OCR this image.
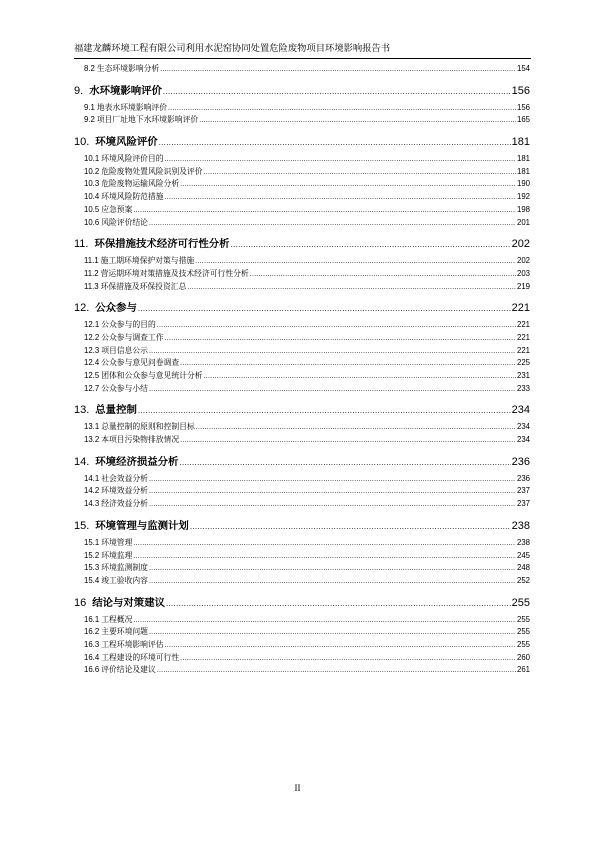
福建龙麟环境工程有限公司利用水泥窑协同处置危险废物项目环境影响报告书
8.2 生态环境影响分析 .....	154
9. 水环境影响评价 .....	156
9.1 地表水环境影响评价 .....	156
9.2 项目厂址地下水环境影响评价 .....	165
10. 环境风险评价 .....	181
10.1 环境风险评价目的 .....	181
10.2 危险废物处置风险识别及评价 .....	181
10.3 危险废物运输风险分析 .....	190
10.4 环境风险防范措施 .....	192
10.5 应急预案 .....	198
10.6 风险评价结论 .....	201
11. 环保措施技术经济可行性分析 .....	202
11.1 施工期环境保护对策与措施 .....	202
11.2 营运期环境对策措施及技术经济可行性分析 .....	203
11.3 环保措施及环保投资汇总 .....	219
12. 公众参与 .....	221
12.1 公众参与的目的 .....	221
12.2 公众参与调查工作 .....	221
12.3 项目信息公示 .....	221
12.4 公众参与意见问卷调查 .....	225
12.5 团体和公众参与意见统计分析 .....	231
12.7 公众参与小结 .....	233
13. 总量控制 .....	234
13.1 总量控制的原则和控制目标 .....	234
13.2 本项目污染物排放情况 .....	234
14. 环境经济损益分析 .....	236
14.1 社会效益分析 .....	236
14.2 环境效益分析 .....	237
14.3 经济效益分析 .....	237
15. 环境管理与监测计划 .....	238
15.1 环境管理 .....	238
15.2 环境监理 .....	245
15.3 环境监测制度 .....	248
15.4 竣工验收内容 .....	252
16 结论与对策建议 .....	255
16.1 工程概况 .....	255
16.2 主要环境问题 .....	255
16.3 工程环境影响评估 .....	255
16.4 工程建设的环境可行性 .....	260
16.6 评价结论及建议 .....	261
II
